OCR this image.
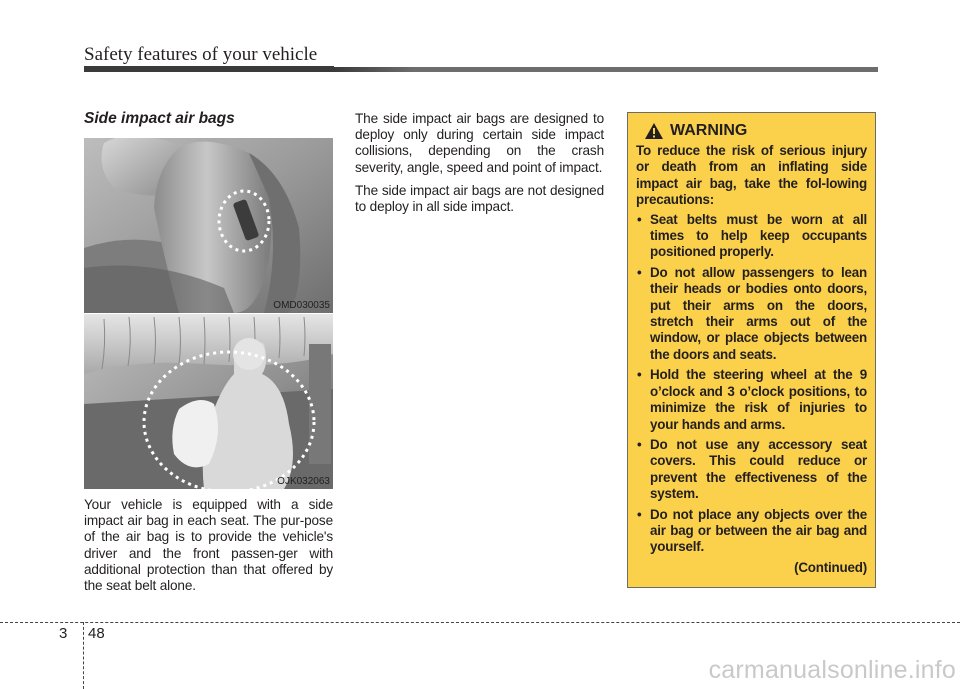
Safety features of your vehicle
Side impact air bags
OMD030035
OJK032063
Your vehicle is equipped with a side impact air bag in each seat. The pur-pose of the air bag is to provide the vehicle's driver and the front passen-ger with additional protection than that offered by the seat belt alone.

The side impact air bags are designed to deploy only during certain side impact collisions, depending on the crash severity, angle, speed and point of impact.

The side impact air bags are not designed to deploy in all side impact.

WARNING

To reduce the risk of serious injury or death from an inflating side impact air bag, take the fol-lowing precautions:

• Seat belts must be worn at all times to help keep occupants positioned properly.
• Do not allow passengers to lean their heads or bodies onto doors, put their arms on the doors, stretch their arms out of the window, or place objects between the doors and seats.
• Hold the steering wheel at the 9 o’clock and 3 o’clock positions, to minimize the risk of injuries to your hands and arms.
• Do not use any accessory seat covers. This could reduce or prevent the effectiveness of the system.
• Do not place any objects over the air bag or between the air bag and yourself.
(Continued)
3 48
carmanualsonline.info
